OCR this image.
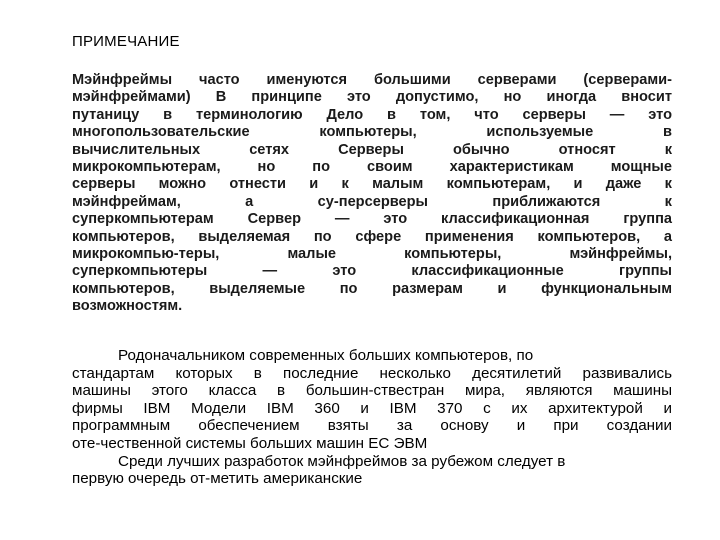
ПРИМЕЧАНИЕ
Мэйнфреймы часто именуются большими серверами (серверами-
мэйнфреймами) В принципе это допустимо, но иногда вносит
путаницу в терминологию Дело в том, что серверы — это
многопользовательские компьютеры, используемые в
вычислительных сетях Серверы обычно относят к
микрокомпьютерам, но по своим характеристикам мощные
серверы можно отнести и к малым компьютерам, и даже к
мэйнфреймам, а су-персерверы приближаются к
суперкомпьютерам Сервер — это классификационная группа
компьютеров, выделяемая по сфере применения компьютеров, а
микрокомпью-теры, малые компьютеры, мэйнфреймы,
суперкомпьютеры — это классификационные группы
компьютеров, выделяемые по размерам и функциональным
возможностям.
Родоначальником современных больших компьютеров, по
стандартам которых в последние несколько десятилетий развивались
машины этого класса в большин-ствестран мира, являются машины
фирмы IBM Модели IBM 360 и IBM 370 с их архитектурой и
программным обеспечением взяты за основу и при создании
оте-чественной системы больших машин ЕС ЭВМ
Среди лучших разработок мэйнфреймов за рубежом следует в
первую очередь от-метить американские
